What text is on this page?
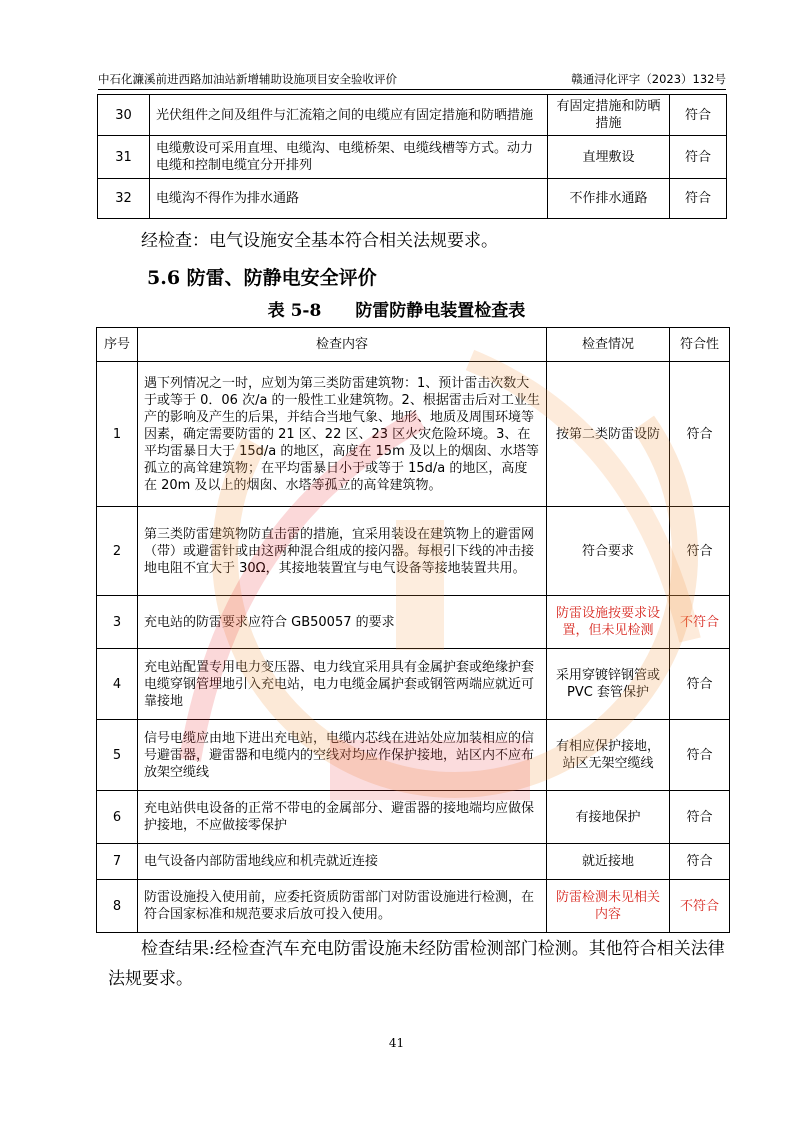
中石化濂溪前进西路加油站新增辅助设施项目安全验收评价	赣通浔化评字（2023）132号
30	光伏组件之间及组件与汇流箱之间的电缆应有固定措施和防晒措施	有固定措施和防晒措施	符合
31	电缆敷设可采用直埋、电缆沟、电缆桥架、电缆线槽等方式。动力电缆和控制电缆宜分开排列	直埋敷设	符合
32	电缆沟不得作为排水通路	不作排水通路	符合
经检查：电气设施安全基本符合相关法规要求。
5.6 防雷、防静电安全评价
表 5-8 防雷防静电装置检查表
序号	检查内容	检查情况	符合性
1	遇下列情况之一时，应划为第三类防雷建筑物：1、预计雷击次数大于或等于 0．06 次/a 的一般性工业建筑物。2、根据雷击后对工业生产的影响及产生的后果，并结合当地气象、地形、地质及周围环境等因素，确定需要防雷的 21 区、22 区、23 区火灾危险环境。3、在平均雷暴日大于 15d/a 的地区，高度在 15m 及以上的烟囱、水塔等孤立的高耸建筑物；在平均雷暴日小于或等于 15d/a 的地区，高度在 20m 及以上的烟囱、水塔等孤立的高耸建筑物。	按第二类防雷设防	符合
2	第三类防雷建筑物防直击雷的措施，宜采用装设在建筑物上的避雷网（带）或避雷针或由这两种混合组成的接闪器。每根引下线的冲击接地电阻不宜大于 30Ω，其接地装置宜与电气设备等接地装置共用。	符合要求	符合
3	充电站的防雷要求应符合 GB50057 的要求	防雷设施按要求设置，但未见检测	不符合
4	充电站配置专用电力变压器、电力线宜采用具有金属护套或绝缘护套电缆穿钢管埋地引入充电站，电力电缆金属护套或钢管两端应就近可靠接地	采用穿镀锌钢管或 PVC 套管保护	符合
5	信号电缆应由地下进出充电站，电缆内芯线在进站处应加装相应的信号避雷器，避雷器和电缆内的空线对均应作保护接地，站区内不应布放架空缆线	有相应保护接地，站区无架空缆线	符合
6	充电站供电设备的正常不带电的金属部分、避雷器的接地端均应做保护接地，不应做接零保护	有接地保护	符合
7	电气设备内部防雷地线应和机壳就近连接	就近接地	符合
8	防雷设施投入使用前，应委托资质防雷部门对防雷设施进行检测，在符合国家标准和规范要求后放可投入使用。	防雷检测未见相关内容	不符合
检查结果:经检查汽车充电防雷设施未经防雷检测部门检测。其他符合相关法律法规要求。
41
